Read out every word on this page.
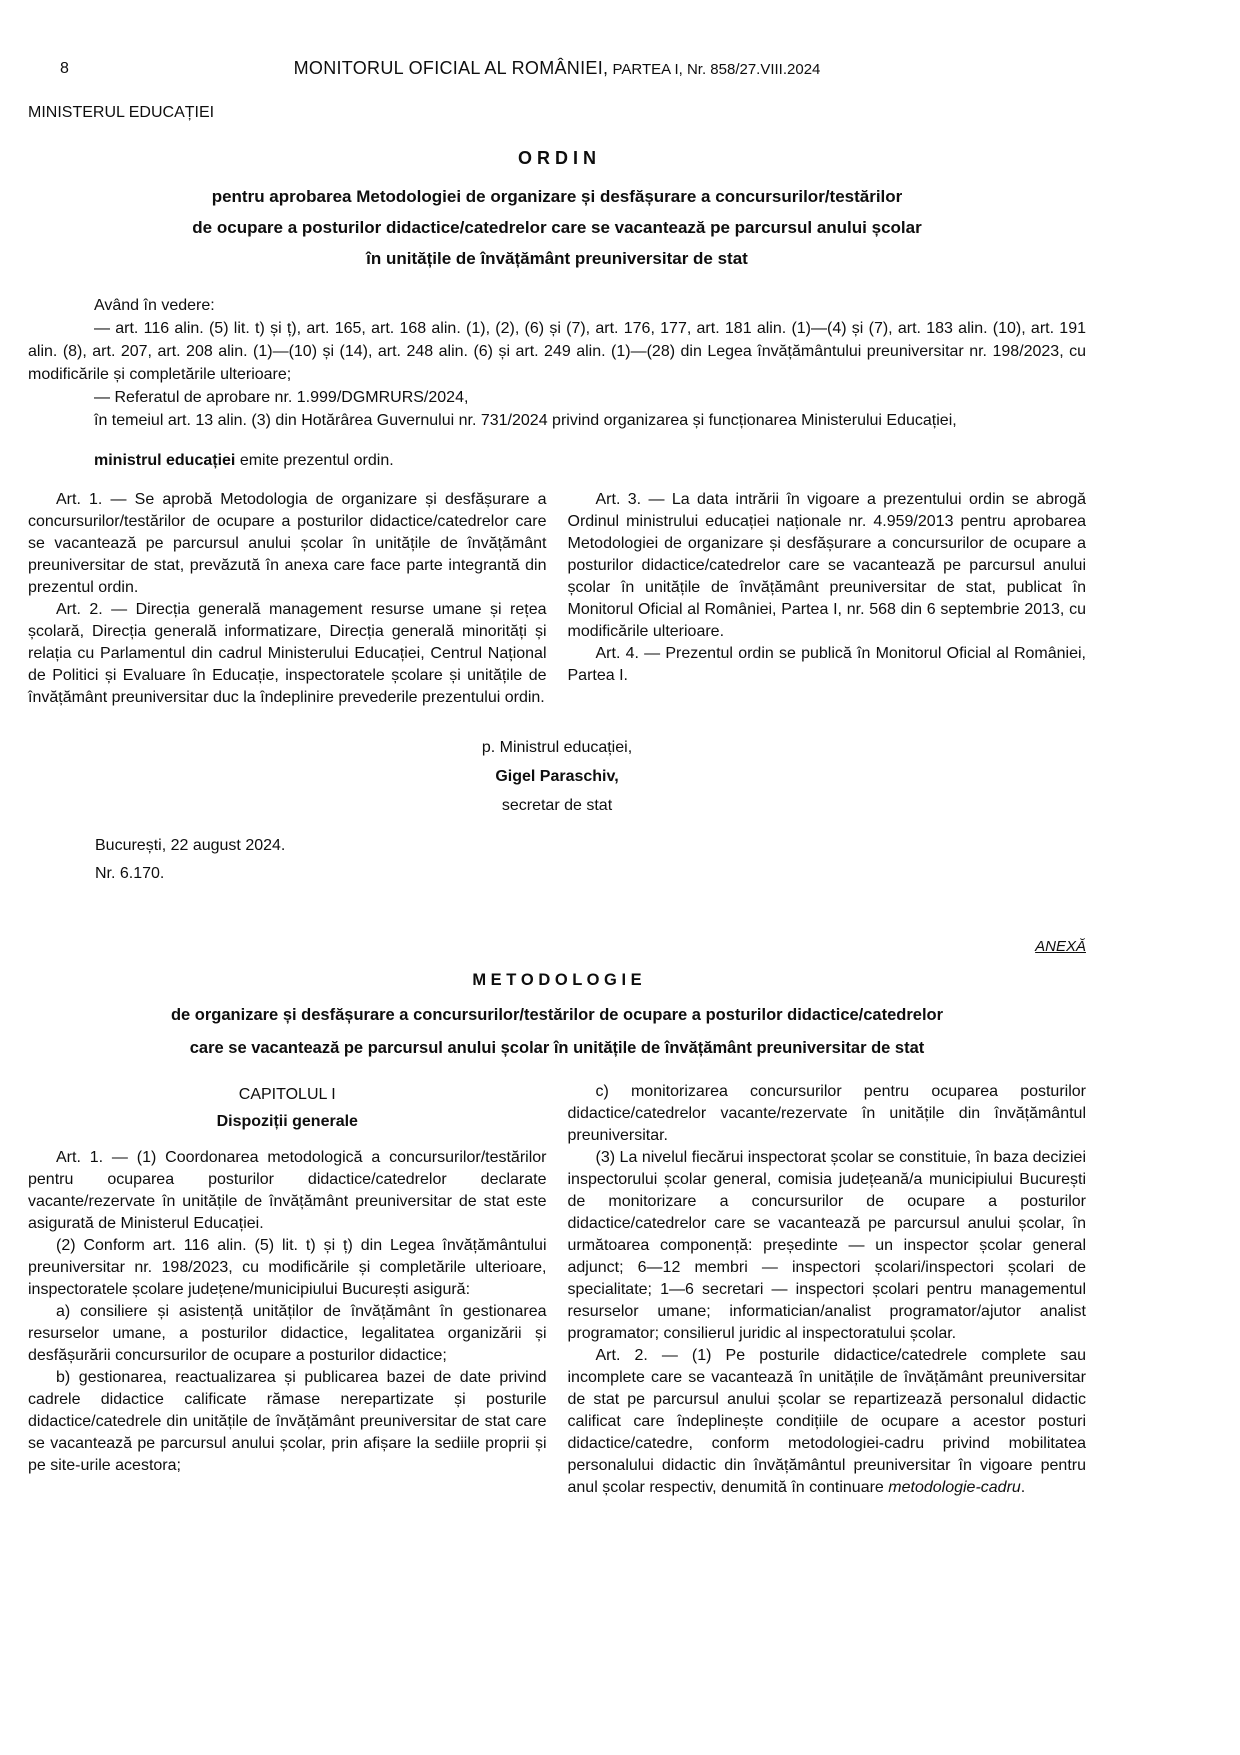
8	MONITORUL OFICIAL AL ROMÂNIEI, PARTEA I, Nr. 858/27.VIII.2024
MINISTERUL EDUCAȚIEI
O R D I N
pentru aprobarea Metodologiei de organizare și desfășurare a concursurilor/testărilor
de ocupare a posturilor didactice/catedrelor care se vacantează pe parcursul anului școlar
în unitățile de învățământ preuniversitar de stat

Având în vedere:

— art. 116 alin. (5) lit. t) și ț), art. 165, art. 168 alin. (1), (2), (6) și (7), art. 176, 177, art. 181 alin. (1)—(4) și (7), art. 183 alin. (10), art. 191 alin. (8), art. 207, art. 208 alin. (1)—(10) și (14), art. 248 alin. (6) și art. 249 alin. (1)—(28) din Legea învățământului preuniversitar nr. 198/2023, cu modificările și completările ulterioare;

— Referatul de aprobare nr. 1.999/DGMRURS/2024,

în temeiul art. 13 alin. (3) din Hotărârea Guvernului nr. 731/2024 privind organizarea și funcționarea Ministerului Educației,

ministrul educației emite prezentul ordin.

Art. 1. — Se aprobă Metodologia de organizare și desfășurare a concursurilor/testărilor de ocupare a posturilor didactice/catedrelor care se vacantează pe parcursul anului școlar în unitățile de învățământ preuniversitar de stat, prevăzută în anexa care face parte integrantă din prezentul ordin.

Art. 2. — Direcția generală management resurse umane și rețea școlară, Direcția generală informatizare, Direcția generală minorități și relația cu Parlamentul din cadrul Ministerului Educației, Centrul Național de Politici și Evaluare în Educație, inspectoratele școlare și unitățile de învățământ preuniversitar duc la îndeplinire prevederile prezentului ordin.

Art. 3. — La data intrării în vigoare a prezentului ordin se abrogă Ordinul ministrului educației naționale nr. 4.959/2013 pentru aprobarea Metodologiei de organizare și desfășurare a concursurilor de ocupare a posturilor didactice/catedrelor care se vacantează pe parcursul anului școlar în unitățile de învățământ preuniversitar de stat, publicat în Monitorul Oficial al României, Partea I, nr. 568 din 6 septembrie 2013, cu modificările ulterioare.

Art. 4. — Prezentul ordin se publică în Monitorul Oficial al României, Partea I.

p. Ministrul educației,
Gigel Paraschiv,
secretar de stat
București, 22 august 2024.
Nr. 6.170.
ANEXĂ
M E T O D O L O G I E
de organizare și desfășurare a concursurilor/testărilor de ocupare a posturilor didactice/catedrelor
care se vacantează pe parcursul anului școlar în unitățile de învățământ preuniversitar de stat
CAPITOLUL I
Dispoziții generale

Art. 1. — (1) Coordonarea metodologică a concursurilor/testărilor pentru ocuparea posturilor didactice/catedrelor declarate vacante/rezervate în unitățile de învățământ preuniversitar de stat este asigurată de Ministerul Educației.

(2) Conform art. 116 alin. (5) lit. t) și ț) din Legea învățământului preuniversitar nr. 198/2023, cu modificările și completările ulterioare, inspectoratele școlare județene/municipiului București asigură:

a) consiliere și asistență unităților de învățământ în gestionarea resurselor umane, a posturilor didactice, legalitatea organizării și desfășurării concursurilor de ocupare a posturilor didactice;

b) gestionarea, reactualizarea și publicarea bazei de date privind cadrele didactice calificate rămase nerepartizate și posturile didactice/catedrele din unitățile de învățământ preuniversitar de stat care se vacantează pe parcursul anului școlar, prin afișare la sediile proprii și pe site-urile acestora;

c) monitorizarea concursurilor pentru ocuparea posturilor didactice/catedrelor vacante/rezervate în unitățile din învățământul preuniversitar.

(3) La nivelul fiecărui inspectorat școlar se constituie, în baza deciziei inspectorului școlar general, comisia județeană/a municipiului București de monitorizare a concursurilor de ocupare a posturilor didactice/catedrelor care se vacantează pe parcursul anului școlar, în următoarea componență: președinte — un inspector școlar general adjunct; 6—12 membri — inspectori școlari/inspectori școlari de specialitate; 1—6 secretari — inspectori școlari pentru managementul resurselor umane; informatician/analist programator/ajutor analist programator; consilierul juridic al inspectoratului școlar.

Art. 2. — (1) Pe posturile didactice/catedrele complete sau incomplete care se vacantează în unitățile de învățământ preuniversitar de stat pe parcursul anului școlar se repartizează personalul didactic calificat care îndeplinește condițiile de ocupare a acestor posturi didactice/catedre, conform metodologiei-cadru privind mobilitatea personalului didactic din învățământul preuniversitar în vigoare pentru anul școlar respectiv, denumită în continuare metodologie-cadru.
